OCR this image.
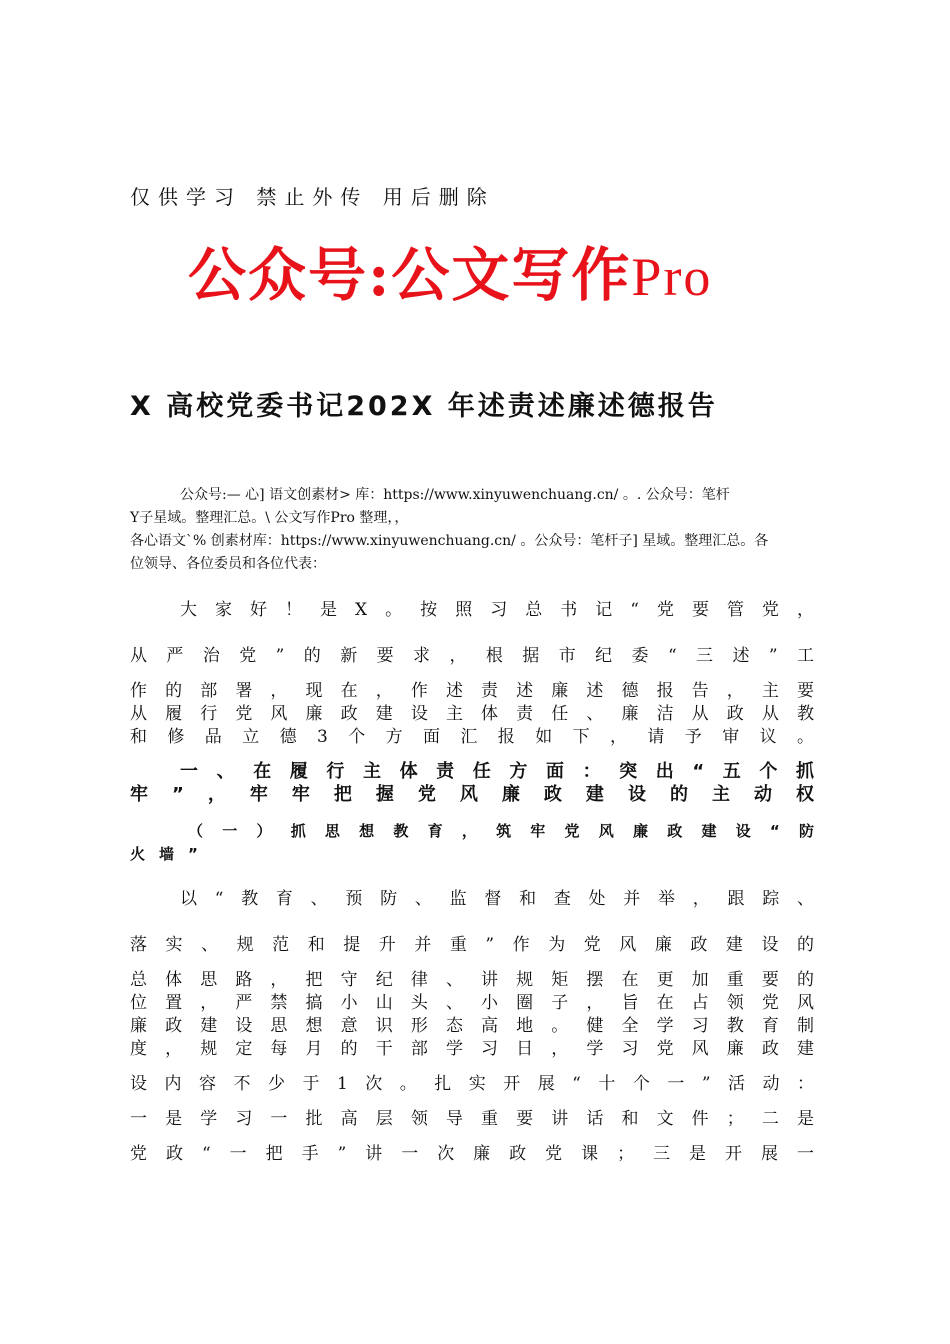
仅供学习 禁止外传 用后删除
公众号:公文写作Pro
X 高校党委书记202X 年述责述廉述德报告
公众号:— 心] 语文创素材> 库：https://www.xinyuwenchuang.cn/ 。. 公众号：笔杆
Y子星域。整理汇总。\ 公文写作Pro 整理，，
各心语文`% 创素材库：https://www.xinyuwenchuang.cn/ 。公众号：笔杆子] 星域。整理汇总。各
位领导、各位委员和各位代表：
大家好！是X。按照习总书记“党要管党，
从严治党”的新要求，根据市纪委“三述”工
作的部署，现在，作述责述廉述德报告，主要
从履行党风廉政建设主体责任、廉洁从政从教
和修品立德3个方面汇报如下，请予审议。
一、在履行主体责任方面：突出“五个抓
牢”，牢牢把握党风廉政建设的主动权
（一）抓思想教育，筑牢党风廉政建设“防
火墙”
以“教育、预防、监督和查处并举，跟踪、
落实、规范和提升并重”作为党风廉政建设的
总体思路，把守纪律、讲规矩摆在更加重要的
位置，严禁搞小山头、小圈子，旨在占领党风
廉政建设思想意识形态高地。健全学习教育制
度，规定每月的干部学习日，学习党风廉政建
设内容不少于1次。扎实开展“十个一”活动：
一是学习一批高层领导重要讲话和文件；二是
党政“一把手”讲一次廉政党课；三是开展一
